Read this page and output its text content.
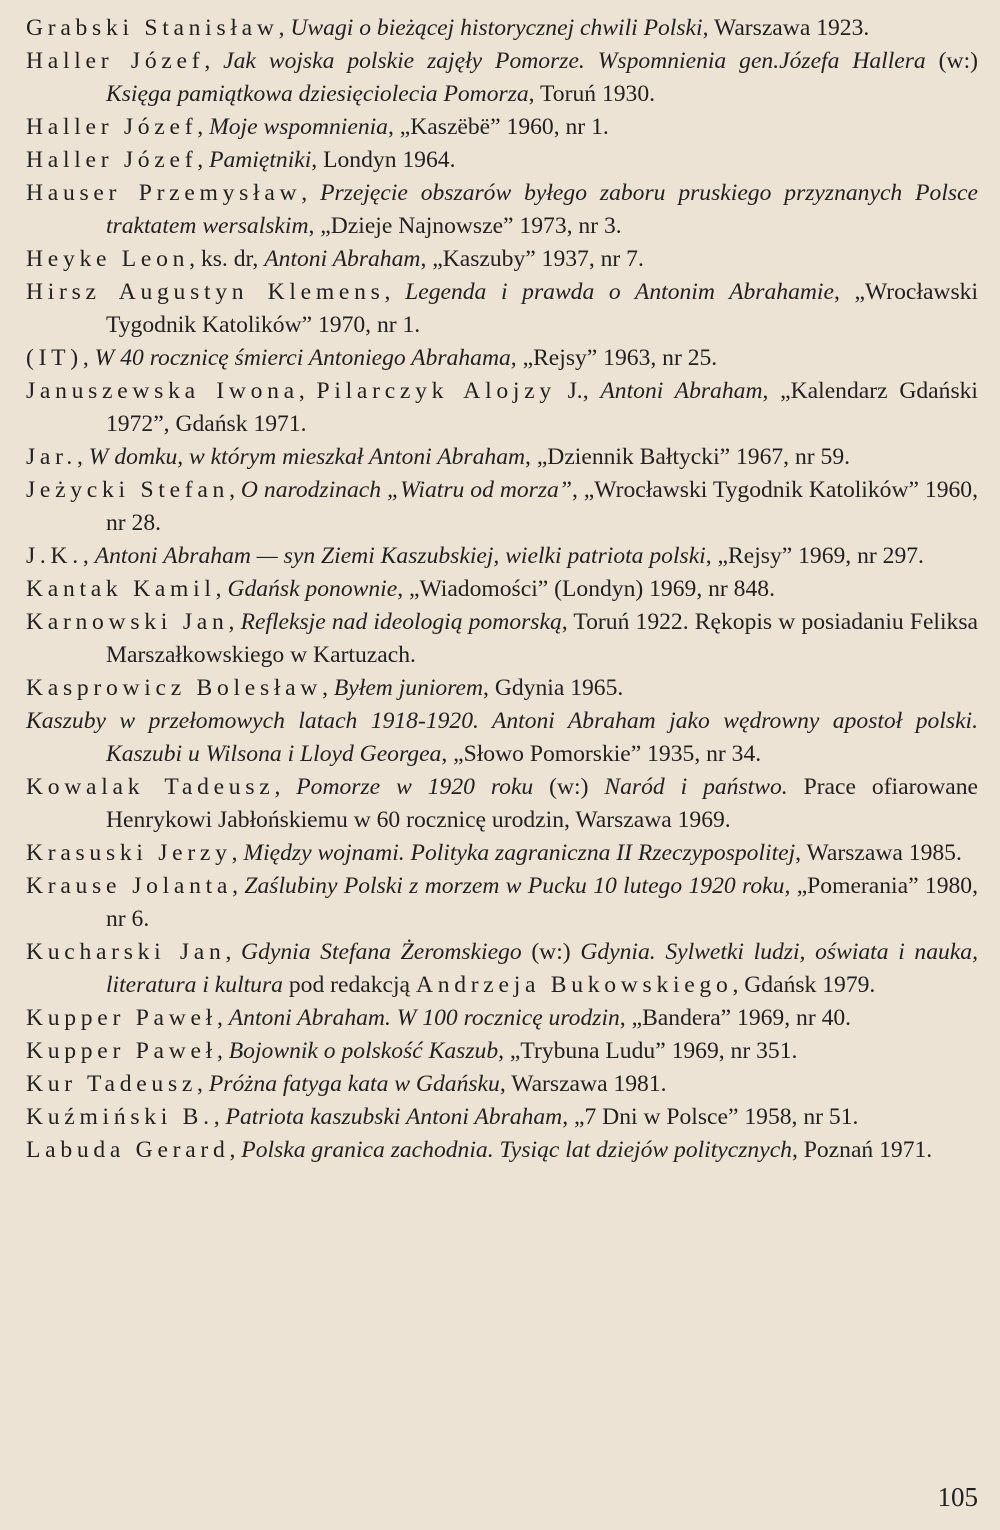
Grabski Stanisław, Uwagi o bieżącej historycznej chwili Polski, Warszawa 1923.

Haller Józef, Jak wojska polskie zajęły Pomorze. Wspomnienia gen.Józefa Hallera (w:) Księga pamiątkowa dziesięciolecia Pomorza, Toruń 1930.

Haller Józef, Moje wspomnienia, „Kaszëbë” 1960, nr 1.

Haller Józef, Pamiętniki, Londyn 1964.

Hauser Przemysław, Przejęcie obszarów byłego zaboru pruskiego przyznanych Polsce traktatem wersalskim, „Dzieje Najnowsze” 1973, nr 3.

Heyke Leon, ks. dr, Antoni Abraham, „Kaszuby” 1937, nr 7.

Hirsz Augustyn Klemens, Legenda i prawda o Antonim Abrahamie, „Wrocławski Tygodnik Katolików” 1970, nr 1.

(IT), W 40 rocznicę śmierci Antoniego Abrahama, „Rejsy” 1963, nr 25.

Januszewska Iwona, Pilarczyk Alojzy J., Antoni Abraham, „Kalendarz Gdański 1972”, Gdańsk 1971.

Jar., W domku, w którym mieszkał Antoni Abraham, „Dziennik Bałtycki” 1967, nr 59.

Jeżycki Stefan, O narodzinach „Wiatru od morza”, „Wrocławski Tygodnik Katolików” 1960, nr 28.

J.K., Antoni Abraham — syn Ziemi Kaszubskiej, wielki patriota polski, „Rejsy” 1969, nr 297.

Kantak Kamil, Gdańsk ponownie, „Wiadomości” (Londyn) 1969, nr 848.

Karnowski Jan, Refleksje nad ideologią pomorską, Toruń 1922. Rękopis w posiadaniu Feliksa Marszałkowskiego w Kartuzach.

Kasprowicz Bolesław, Byłem juniorem, Gdynia 1965.

Kaszuby w przełomowych latach 1918-1920. Antoni Abraham jako wędrowny apostoł polski. Kaszubi u Wilsona i Lloyd Georgea, „Słowo Pomorskie” 1935, nr 34.

Kowalak Tadeusz, Pomorze w 1920 roku (w:) Naród i państwo. Prace ofiarowane Henrykowi Jabłońskiemu w 60 rocznicę urodzin, Warszawa 1969.

Krasuski Jerzy, Między wojnami. Polityka zagraniczna II Rzeczypospolitej, Warszawa 1985.

Krause Jolanta, Zaślubiny Polski z morzem w Pucku 10 lutego 1920 roku, „Pomerania” 1980, nr 6.

Kucharski Jan, Gdynia Stefana Żeromskiego (w:) Gdynia. Sylwetki ludzi, oświata i nauka, literatura i kultura pod redakcją Andrzeja Bukowskiego, Gdańsk 1979.

Kupper Paweł, Antoni Abraham. W 100 rocznicę urodzin, „Bandera” 1969, nr 40.

Kupper Paweł, Bojownik o polskość Kaszub, „Trybuna Ludu” 1969, nr 351.

Kur Tadeusz, Próżna fatyga kata w Gdańsku, Warszawa 1981.

Kuźmiński B., Patriota kaszubski Antoni Abraham, „7 Dni w Polsce” 1958, nr 51.

Labuda Gerard, Polska granica zachodnia. Tysiąc lat dziejów politycznych, Poznań 1971.

105
